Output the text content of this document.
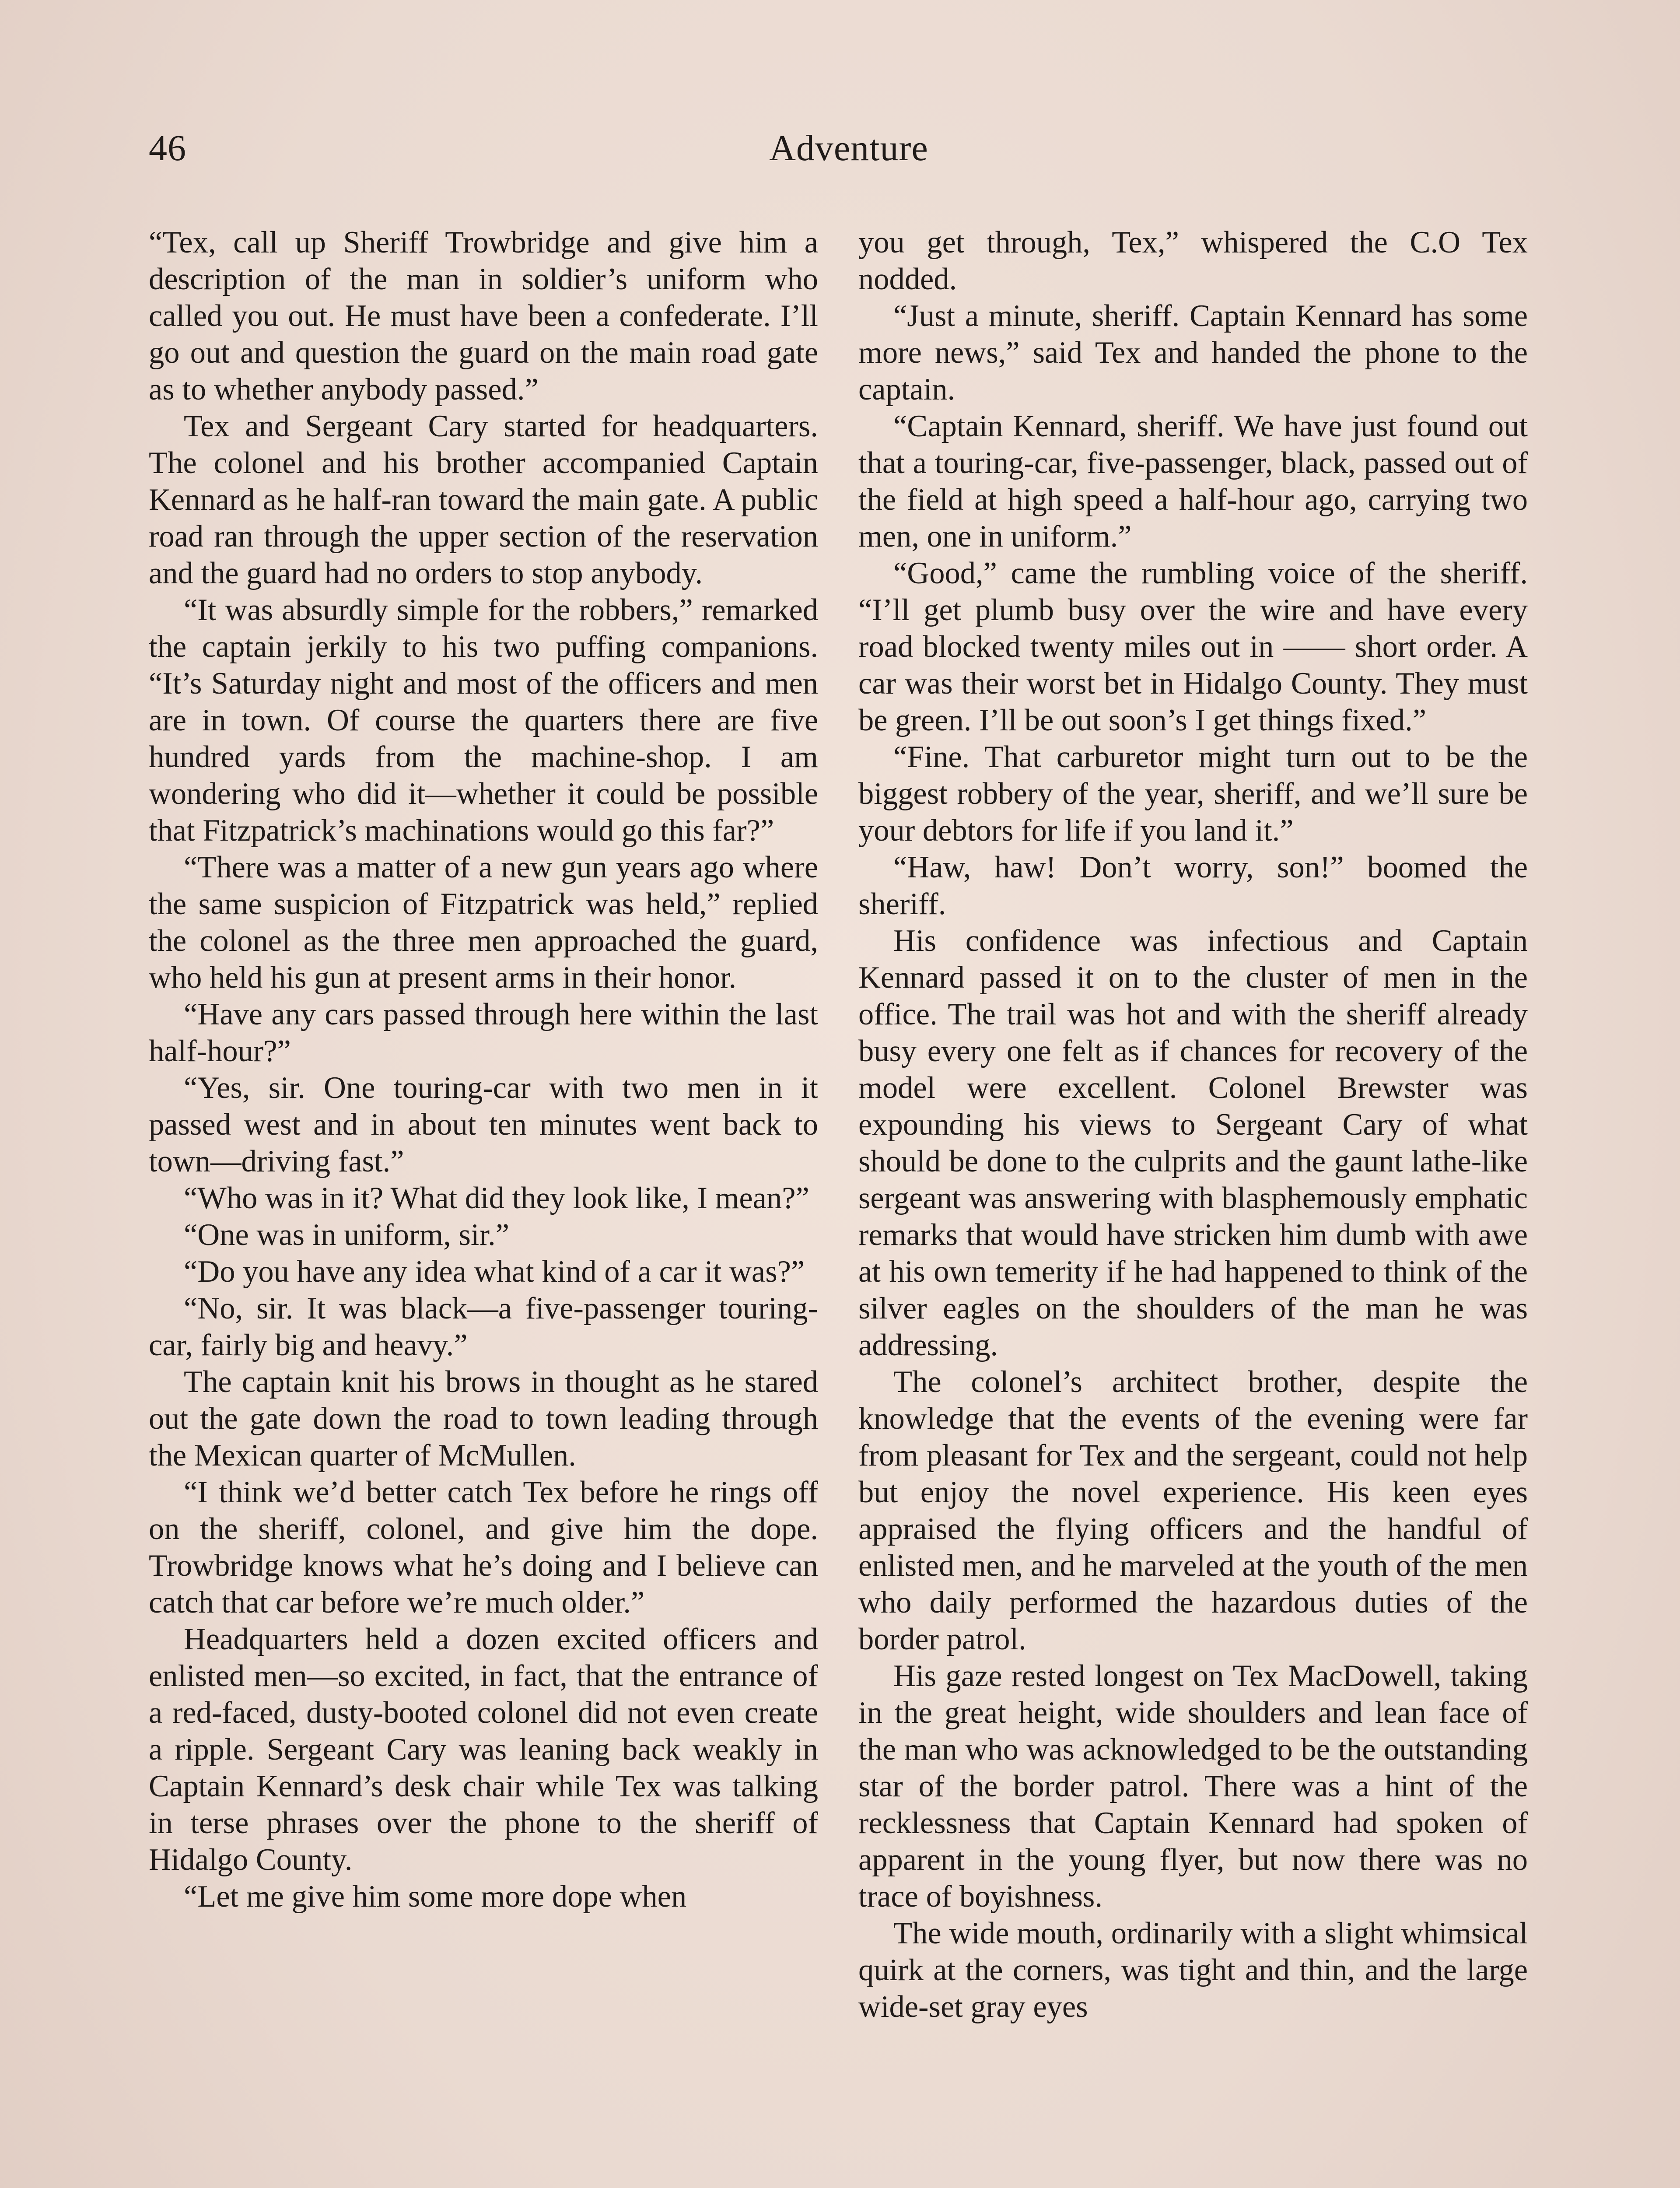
46	Adventure

“Tex, call up Sheriff Trowbridge and give him a description of the man in soldier’s uniform who called you out. He must have been a confederate. I’ll go out and question the guard on the main road gate as to whether anybody passed.”

Tex and Sergeant Cary started for headquarters. The colonel and his brother accompanied Captain Kennard as he half-ran toward the main gate. A public road ran through the upper section of the reservation and the guard had no orders to stop anybody.

“It was absurdly simple for the robbers,” remarked the captain jerkily to his two puffing companions. “It’s Saturday night and most of the officers and men are in town. Of course the quarters there are five hundred yards from the machine-shop. I am wondering who did it—whether it could be possible that Fitzpatrick’s machinations would go this far?”

“There was a matter of a new gun years ago where the same suspicion of Fitzpatrick was held,” replied the colonel as the three men approached the guard, who held his gun at present arms in their honor.

“Have any cars passed through here within the last half-hour?”

“Yes, sir. One touring-car with two men in it passed west and in about ten minutes went back to town—driving fast.”

“Who was in it? What did they look like, I mean?”

“One was in uniform, sir.”

“Do you have any idea what kind of a car it was?”

“No, sir. It was black—a five-passenger touring-car, fairly big and heavy.”

The captain knit his brows in thought as he stared out the gate down the road to town leading through the Mexican quarter of McMullen.

“I think we’d better catch Tex before he rings off on the sheriff, colonel, and give him the dope. Trowbridge knows what he’s doing and I believe can catch that car before we’re much older.”

Headquarters held a dozen excited officers and enlisted men—so excited, in fact, that the entrance of a red-faced, dusty-booted colonel did not even create a ripple. Sergeant Cary was leaning back weakly in Captain Kennard’s desk chair while Tex was talking in terse phrases over the phone to the sheriff of Hidalgo County.

“Let me give him some more dope when

you get through, Tex,” whispered the C.O Tex nodded.

“Just a minute, sheriff. Captain Kennard has some more news,” said Tex and handed the phone to the captain.

“Captain Kennard, sheriff. We have just found out that a touring-car, five-passenger, black, passed out of the field at high speed a half-hour ago, carrying two men, one in uniform.”

“Good,” came the rumbling voice of the sheriff. “I’ll get plumb busy over the wire and have every road blocked twenty miles out in —— short order. A car was their worst bet in Hidalgo County. They must be green. I’ll be out soon’s I get things fixed.”

“Fine. That carburetor might turn out to be the biggest robbery of the year, sheriff, and we’ll sure be your debtors for life if you land it.”

“Haw, haw! Don’t worry, son!” boomed the sheriff.

His confidence was infectious and Captain Kennard passed it on to the cluster of men in the office. The trail was hot and with the sheriff already busy every one felt as if chances for recovery of the model were excellent. Colonel Brewster was expounding his views to Sergeant Cary of what should be done to the culprits and the gaunt lathe-like sergeant was answering with blasphemously emphatic remarks that would have stricken him dumb with awe at his own temerity if he had happened to think of the silver eagles on the shoulders of the man he was addressing.

The colonel’s architect brother, despite the knowledge that the events of the evening were far from pleasant for Tex and the sergeant, could not help but enjoy the novel experience. His keen eyes appraised the flying officers and the handful of enlisted men, and he marveled at the youth of the men who daily performed the hazardous duties of the border patrol.

His gaze rested longest on Tex MacDowell, taking in the great height, wide shoulders and lean face of the man who was acknowledged to be the outstanding star of the border patrol. There was a hint of the recklessness that Captain Kennard had spoken of apparent in the young flyer, but now there was no trace of boyishness.

The wide mouth, ordinarily with a slight whimsical quirk at the corners, was tight and thin, and the large wide-set gray eyes
